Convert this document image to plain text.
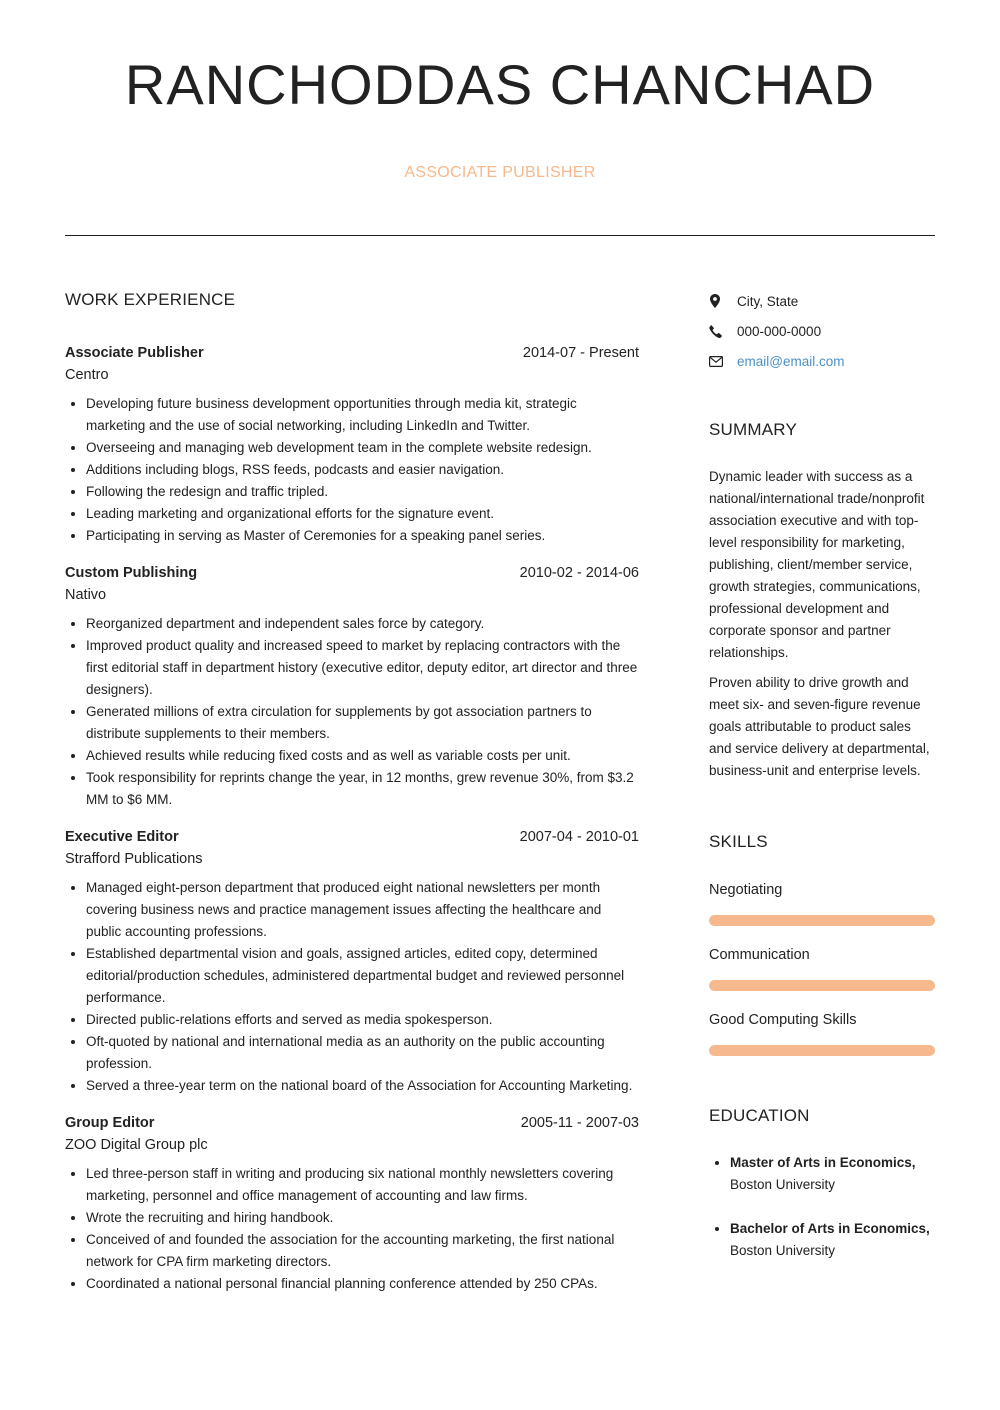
RANCHODDAS CHANCHAD
ASSOCIATE PUBLISHER
WORK EXPERIENCE
Associate Publisher	2014-07 - Present
Centro
• Developing future business development opportunities through media kit, strategic marketing and the use of social networking, including LinkedIn and Twitter.
• Overseeing and managing web development team in the complete website redesign.
• Additions including blogs, RSS feeds, podcasts and easier navigation.
• Following the redesign and traffic tripled.
• Leading marketing and organizational efforts for the signature event.
• Participating in serving as Master of Ceremonies for a speaking panel series.
Custom Publishing	2010-02 - 2014-06
Nativo
• Reorganized department and independent sales force by category.
• Improved product quality and increased speed to market by replacing contractors with the first editorial staff in department history (executive editor, deputy editor, art director and three designers).
• Generated millions of extra circulation for supplements by got association partners to distribute supplements to their members.
• Achieved results while reducing fixed costs and as well as variable costs per unit.
• Took responsibility for reprints change the year, in 12 months, grew revenue 30%, from $3.2 MM to $6 MM.
Executive Editor	2007-04 - 2010-01
Strafford Publications
• Managed eight-person department that produced eight national newsletters per month covering business news and practice management issues affecting the healthcare and public accounting professions.
• Established departmental vision and goals, assigned articles, edited copy, determined editorial/production schedules, administered departmental budget and reviewed personnel performance.
• Directed public-relations efforts and served as media spokesperson.
• Oft-quoted by national and international media as an authority on the public accounting profession.
• Served a three-year term on the national board of the Association for Accounting Marketing.
Group Editor	2005-11 - 2007-03
ZOO Digital Group plc
• Led three-person staff in writing and producing six national monthly newsletters covering marketing, personnel and office management of accounting and law firms.
• Wrote the recruiting and hiring handbook.
• Conceived of and founded the association for the accounting marketing, the first national network for CPA firm marketing directors.
• Coordinated a national personal financial planning conference attended by 250 CPAs.
City, State
000-000-0000
email@email.com
SUMMARY

Dynamic leader with success as a national/international trade/nonprofit association executive and with top-level responsibility for marketing, publishing, client/member service, growth strategies, communications, professional development and corporate sponsor and partner relationships.

Proven ability to drive growth and meet six- and seven-figure revenue goals attributable to product sales and service delivery at departmental, business-unit and enterprise levels.

SKILLS
Negotiating
Communication
Good Computing Skills
EDUCATION
• Master of Arts in Economics,
Boston University
• Bachelor of Arts in Economics,
Boston University
